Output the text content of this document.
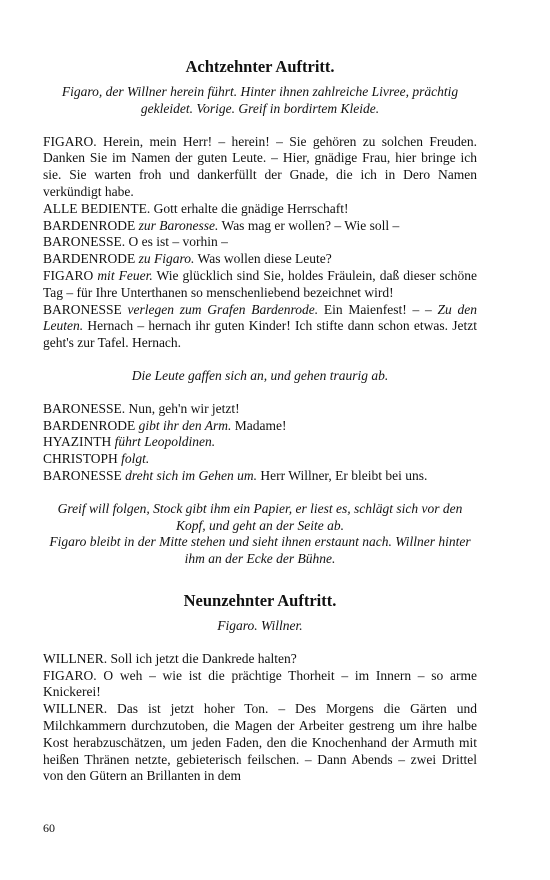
Achtzehnter Auftritt.

Figaro, der Willner herein führt. Hinter ihnen zahlreiche Livree, prächtig gekleidet. Vorige. Greif in bordirtem Kleide.

FIGARO. Herein, mein Herr! – herein! – Sie gehören zu solchen Freuden. Danken Sie im Namen der guten Leute. – Hier, gnädige Frau, hier bringe ich sie. Sie warten froh und dankerfüllt der Gnade, die ich in Dero Namen verkündigt habe.

ALLE BEDIENTE. Gott erhalte die gnädige Herrschaft!

BARDENRODE zur Baronesse. Was mag er wollen? – Wie soll –

BARONESSE. O es ist – vorhin –

BARDENRODE zu Figaro. Was wollen diese Leute?

FIGARO mit Feuer. Wie glücklich sind Sie, holdes Fräulein, daß dieser schöne Tag – für Ihre Unterthanen so menschenliebend bezeichnet wird!

BARONESSE verlegen zum Grafen Bardenrode. Ein Maienfest! – – Zu den Leuten. Hernach – hernach ihr guten Kinder! Ich stifte dann schon etwas. Jetzt geht's zur Tafel. Hernach.

Die Leute gaffen sich an, und gehen traurig ab.

BARONESSE. Nun, geh'n wir jetzt!

BARDENRODE gibt ihr den Arm. Madame!

HYAZINTH führt Leopoldinen.

CHRISTOPH folgt.

BARONESSE dreht sich im Gehen um. Herr Willner, Er bleibt bei uns.

Greif will folgen, Stock gibt ihm ein Papier, er liest es, schlägt sich vor den Kopf, und geht an der Seite ab.

Figaro bleibt in der Mitte stehen und sieht ihnen erstaunt nach. Willner hinter ihm an der Ecke der Bühne.

Neunzehnter Auftritt.

Figaro. Willner.

WILLNER. Soll ich jetzt die Dankrede halten?

FIGARO. O weh – wie ist die prächtige Thorheit – im Innern – so arme Knickerei!

WILLNER. Das ist jetzt hoher Ton. – Des Morgens die Gärten und Milchkammern durchzutoben, die Magen der Arbeiter gestreng um ihre halbe Kost herabzuschätzen, um jeden Faden, den die Knochenhand der Armuth mit heißen Thränen netzte, gebieterisch feilschen. – Dann Abends – zwei Drittel von den Gütern an Brillanten in dem

60
